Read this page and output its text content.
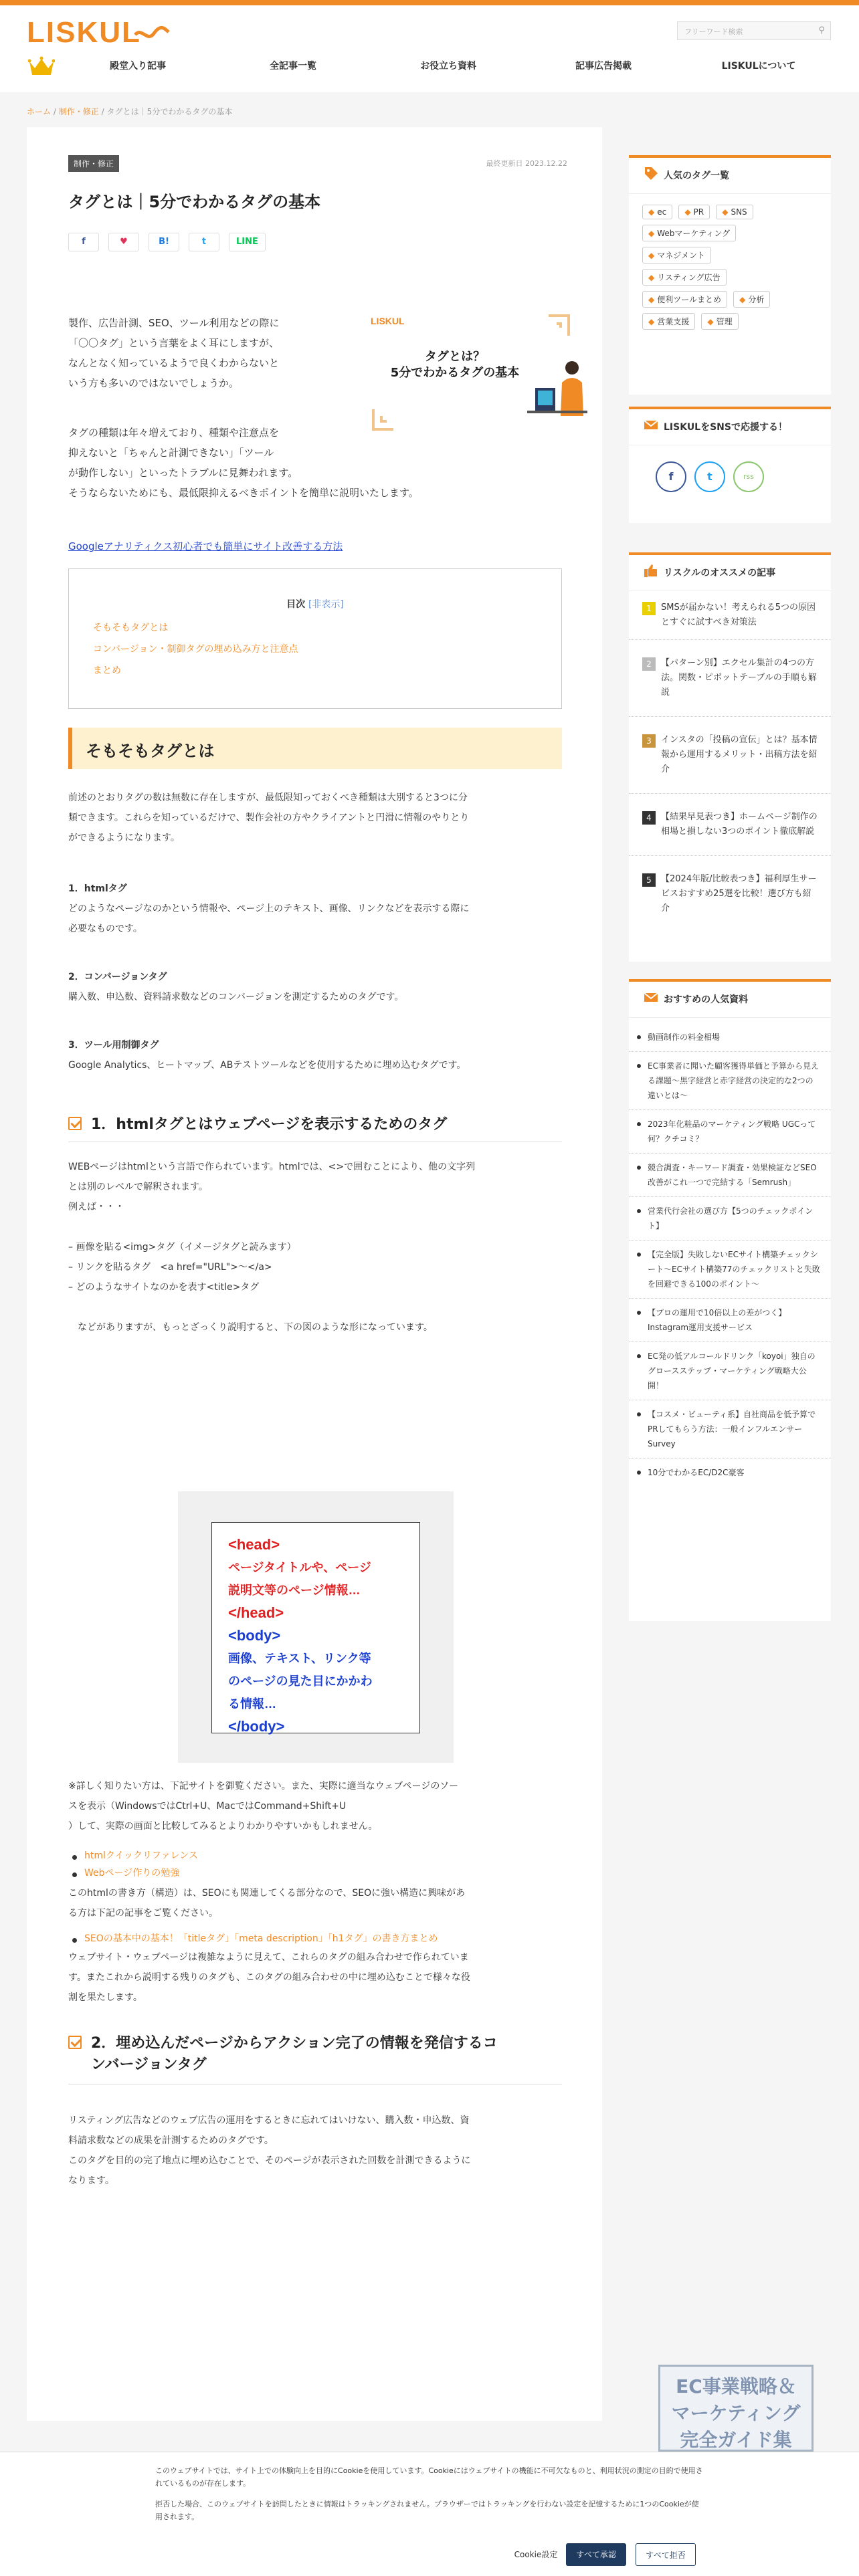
LISKUL	フリーワード検索	⚲
殿堂入り記事	全記事一覧	お役立ち資料	記事広告掲載	LISKULについて
ホーム / 制作・修正 / タグとは｜5分でわかるタグの基本
制作・修正	最終更新日 2023.12.22
タグとは｜5分でわかるタグの基本
f	♥	B!	t	LINE
製作、広告計測、SEO、ツール利用などの際に
「〇〇タグ」という言葉をよく耳にしますが、
なんとなく知っているようで良くわからないと
いう方も多いのではないでしょうか。
LISKUL
タグとは？
5分でわかるタグの基本
タグの種類は年々増えており、種類や注意点を
抑えないと「ちゃんと計測できない」「ツール
が動作しない」といったトラブルに見舞われます。
そうならないためにも、最低限抑えるべきポイントを簡単に説明いたします。
Googleアナリティクス初心者でも簡単にサイト改善する方法
目次 [非表示]
そもそもタグとは
コンバージョン・制御タグの埋め込み方と注意点
まとめ
そもそもタグとは
前述のとおりタグの数は無数に存在しますが、最低限知っておくべき種類は大別すると3つに分
類できます。これらを知っているだけで、製作会社の方やクライアントと円滑に情報のやりとり
ができるようになります。
1．htmlタグ
どのようなページなのかという情報や、ページ上のテキスト、画像、リンクなどを表示する際に
必要なものです。
2．コンバージョンタグ
購入数、申込数、資料請求数などのコンバージョンを測定するためのタグです。
3．ツール用制御タグ
Google Analytics、ヒートマップ、ABテストツールなどを使用するために埋め込むタグです。
1．htmlタグとはウェブページを表示するためのタグ
WEBページはhtmlという言語で作られています。htmlでは、<>で囲むことにより、他の文字列
とは別のレベルで解釈されます。
例えば・・・
– 画像を貼る<img>タグ（イメージタグと読みます）
– リンクを貼るタグ　<a href="URL">～</a>
– どのようなサイトなのかを表す<title>タグ
　などがありますが、もっとざっくり説明すると、下の図のような形になっています。
<head>
ページタイトルや、ページ
説明文等のページ情報…
</head>
<body>
画像、テキスト、リンク等
のページの見た目にかかわ
る情報…
</body>
※詳しく知りたい方は、下記サイトを御覧ください。また、実際に適当なウェブページのソー
スを表示（WindowsではCtrl+U、MacではCommand+Shift+U
）して、実際の画面と比較してみるとよりわかりやすいかもしれません。
htmlクイックリファレンス
Webページ作りの勉強
このhtmlの書き方（構造）は、SEOにも関連してくる部分なので、SEOに強い構造に興味があ
る方は下記の記事をご覧ください。
SEOの基本中の基本！「titleタグ」「meta description」「h1タグ」の書き方まとめ
ウェブサイト・ウェブページは複雑なように見えて、これらのタグの組み合わせで作られていま
す。またこれから説明する残りのタグも、このタグの組み合わせの中に埋め込むことで様々な役
割を果たします。
2．埋め込んだページからアクション完了の情報を発信するコ
ンバージョンタグ
リスティング広告などのウェブ広告の運用をするときに忘れてはいけない、購入数・申込数、資
料請求数などの成果を計測するためのタグです。
このタグを目的の完了地点に埋め込むことで、そのページが表示された回数を計測できるように
なります。
人気のタグ一覧
◆ ec ◆ PR ◆ SNS
◆ Webマーケティング
◆ マネジメント
◆ リスティング広告
◆ 便利ツールまとめ ◆ 分析
◆ 営業支援 ◆ 管理
LISKULをSNSで応援する！
f	t	rss
リスクルのオススメの記事
1	SMSが届かない！考えられる5つの原因とすぐに試すべき対策法
2	【パターン別】エクセル集計の4つの方法。関数・ピボットテーブルの手順も解説
3	インスタの「投稿の宣伝」とは？基本情報から運用するメリット・出稿方法を紹介
4	【結果早見表つき】ホームページ制作の相場と損しない3つのポイント徹底解説
5	【2024年版/比較表つき】福利厚生サービスおすすめ25選を比較！選び方も紹介
おすすめの人気資料
動画制作の料金相場
EC事業者に聞いた顧客獲得単価と予算から見える課題〜黒字経営と赤字経営の決定的な2つの違いとは〜
2023年化粧品のマーケティング戦略 UGCって何？クチコミ？
競合調査・キーワード調査・効果検証などSEO改善がこれ一つで完結する「Semrush」
営業代行会社の選び方【5つのチェックポイント】
【完全版】失敗しないECサイト構築チェックシート〜ECサイト構築77のチェックリストと失敗を回避できる100のポイント〜
【プロの運用で10倍以上の差がつく】Instagram運用支援サービス
EC発の低アルコールドリンク「koyoi」独自のグロースステップ・マーケティング戦略大公開！
【コスメ・ビューティ系】自社商品を低予算でPRしてもらう方法：一般インフルエンサーSurvey
10分でわかるEC/D2C豪客
EC事業戦略＆
マーケティング
完全ガイド集
このウェブサイトでは、サイト上での体験向上を目的にCookieを使用しています。Cookieにはウェブサイトの機能に不可欠なものと、利用状況の測定の目的で使用されているものが存在します。
拒否した場合、このウェブサイトを訪問したときに情報はトラッキングされません。ブラウザーではトラッキングを行わない設定を記憶するために1つのCookieが使用されます。
Cookie設定	すべて承認	すべて拒否
